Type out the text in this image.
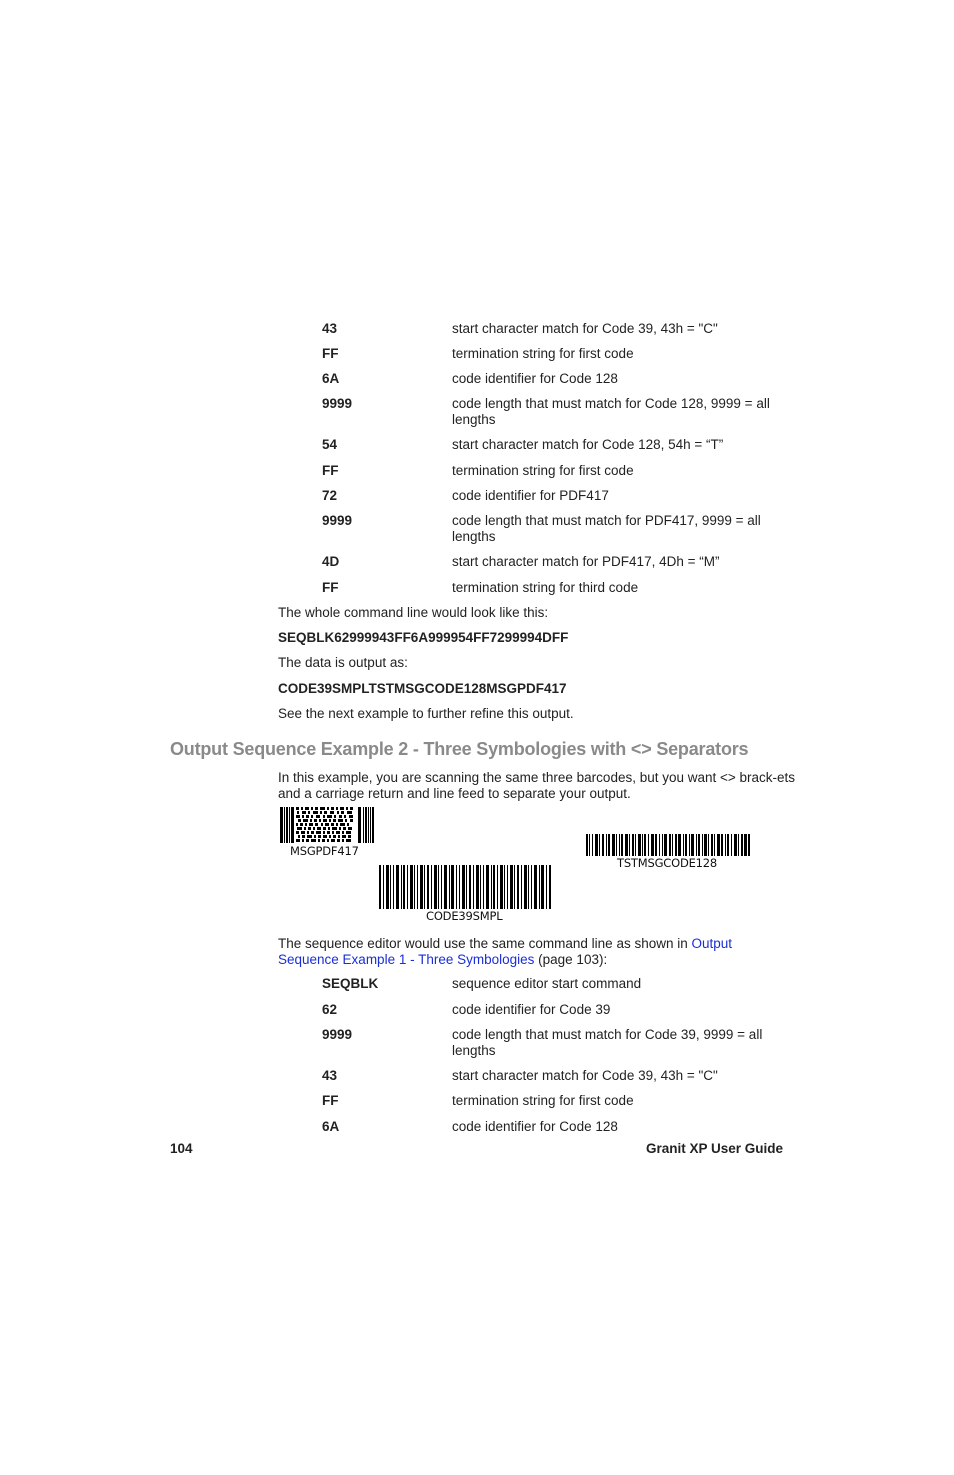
43	start character match for Code 39, 43h = "C"
FF	termination string for first code
6A	code identifier for Code 128
9999	code length that must match for Code 128, 9999 = all lengths
54	start character match for Code 128, 54h = “T”
FF	termination string for first code
72	code identifier for PDF417
9999	code length that must match for PDF417, 9999 = all lengths
4D	start character match for PDF417, 4Dh = “M”
FF	termination string for third code
The whole command line would look like this:
SEQBLK62999943FF6A999954FF7299994DFF
The data is output as:
CODE39SMPLTSTMSGCODE128MSGPDF417
See the next example to further refine this output.
Output Sequence Example 2 - Three Symbologies with <> Separators
In this example, you are scanning the same three barcodes, but you want <> brack-ets and a carriage return and line feed to separate your output.
MSGPDF417
TSTMSGCODE128
CODE39SMPL
The sequence editor would use the same command line as shown in Output Sequence Example 1 - Three Symbologies (page 103):
SEQBLK	sequence editor start command
62	code identifier for Code 39
9999	code length that must match for Code 39, 9999 = all lengths
43	start character match for Code 39, 43h = "C"
FF	termination string for first code
6A	code identifier for Code 128
104	Granit XP User Guide
